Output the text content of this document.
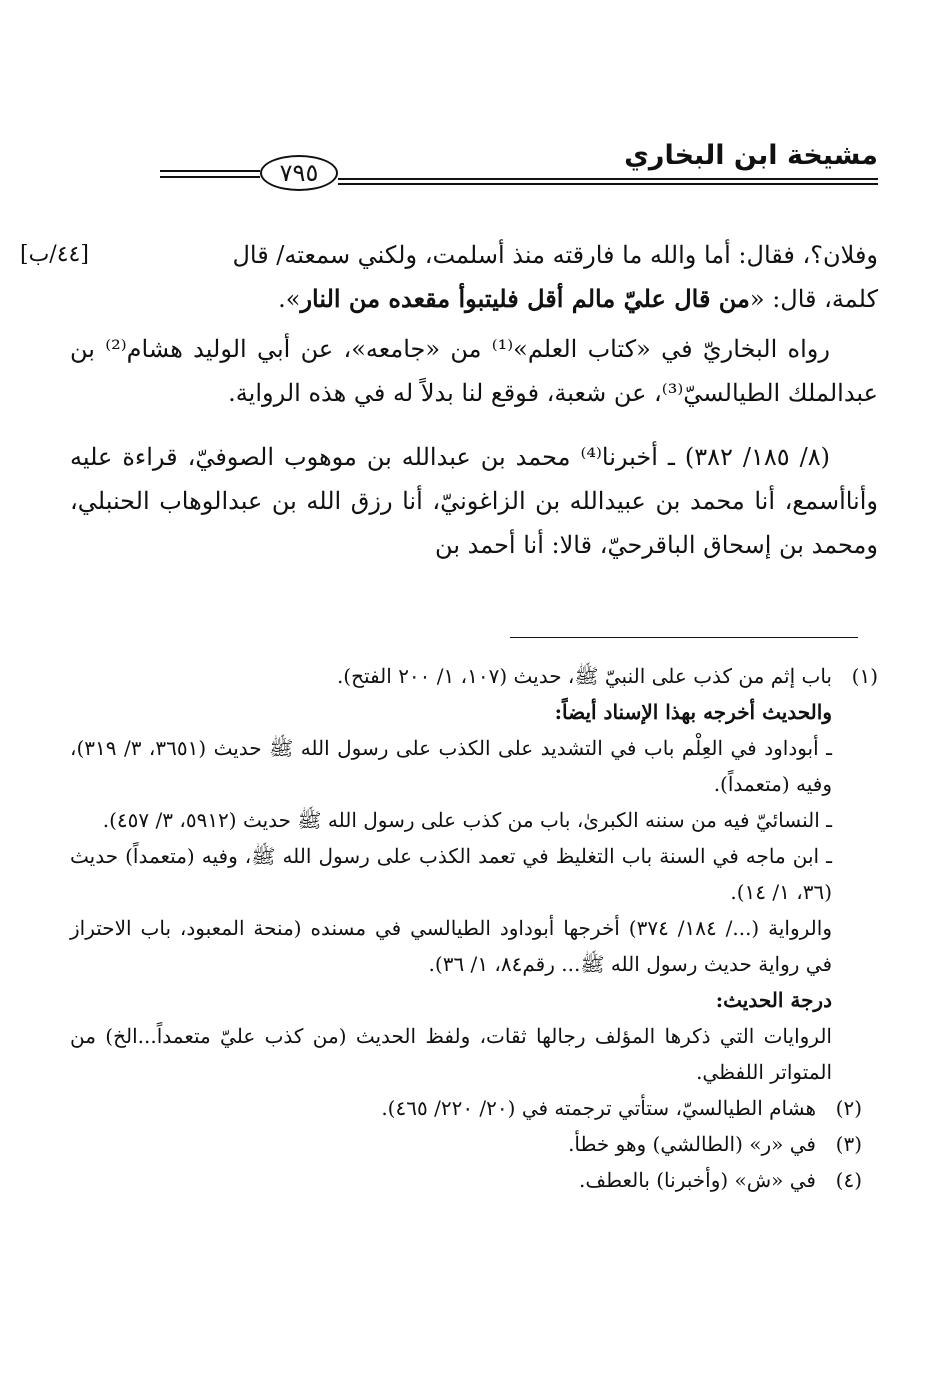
مشيخة ابن البخاري
٧٩٥
[٤٤/ب]	وفلان؟، فقال: أما والله ما فارقته منذ أسلمت، ولكني سمعته/ قال
كلمة، قال: «من قال عليّ مالم أقل فليتبوأ مقعده من النار».

رواه البخاريّ في «كتاب العلم»⁽¹⁾ من «جامعه»، عن أبي الوليد هشام⁽²⁾ بن عبدالملك الطيالسيّ⁽³⁾، عن شعبة، فوقع لنا بدلاً له في هذه الرواية.

(٨/ ١٨٥/ ٣٨٢) ـ أخبرنا⁽⁴⁾ محمد بن عبدالله بن موهوب الصوفيّ، قراءة عليه وأناأسمع، أنا محمد بن عبيدالله بن الزاغونيّ، أنا رزق الله بن عبدالوهاب الحنبلي، ومحمد بن إسحاق الباقرحيّ، قالا: أنا أحمد بن

(١)
باب إثم من كذب على النبيّ ﷺ، حديث (١٠٧، ١/ ٢٠٠ الفتح).
والحديث أخرجه بهذا الإسناد أيضاً:
ـ أبوداود في العِلْم باب في التشديد على الكذب على رسول الله ﷺ حديث (٣٦٥١، ٣/ ٣١٩)، وفيه (متعمداً).
ـ النسائيّ فيه من سننه الكبرىٰ، باب من كذب على رسول الله ﷺ حديث (٥٩١٢، ٣/ ٤٥٧).
ـ ابن ماجه في السنة باب التغليظ في تعمد الكذب على رسول الله ﷺ، وفيه (متعمداً) حديث (٣٦، ١/ ١٤).
والرواية (.../ ١٨٤/ ٣٧٤) أخرجها أبوداود الطيالسي في مسنده (منحة المعبود، باب الاحتراز في رواية حديث رسول الله ﷺ... رقم٨٤، ١/ ٣٦).
درجة الحديث:
الروايات التي ذكرها المؤلف رجالها ثقات، ولفظ الحديث (من كذب عليّ متعمداً...الخ) من المتواتر اللفظي.
(٢)
هشام الطيالسيّ، ستأتي ترجمته في (٢٠/ ٢٢٠/ ٤٦٥).
(٣)
في «ر» (الطالشي) وهو خطأ.
(٤)
في «ش» (وأخبرنا) بالعطف.
